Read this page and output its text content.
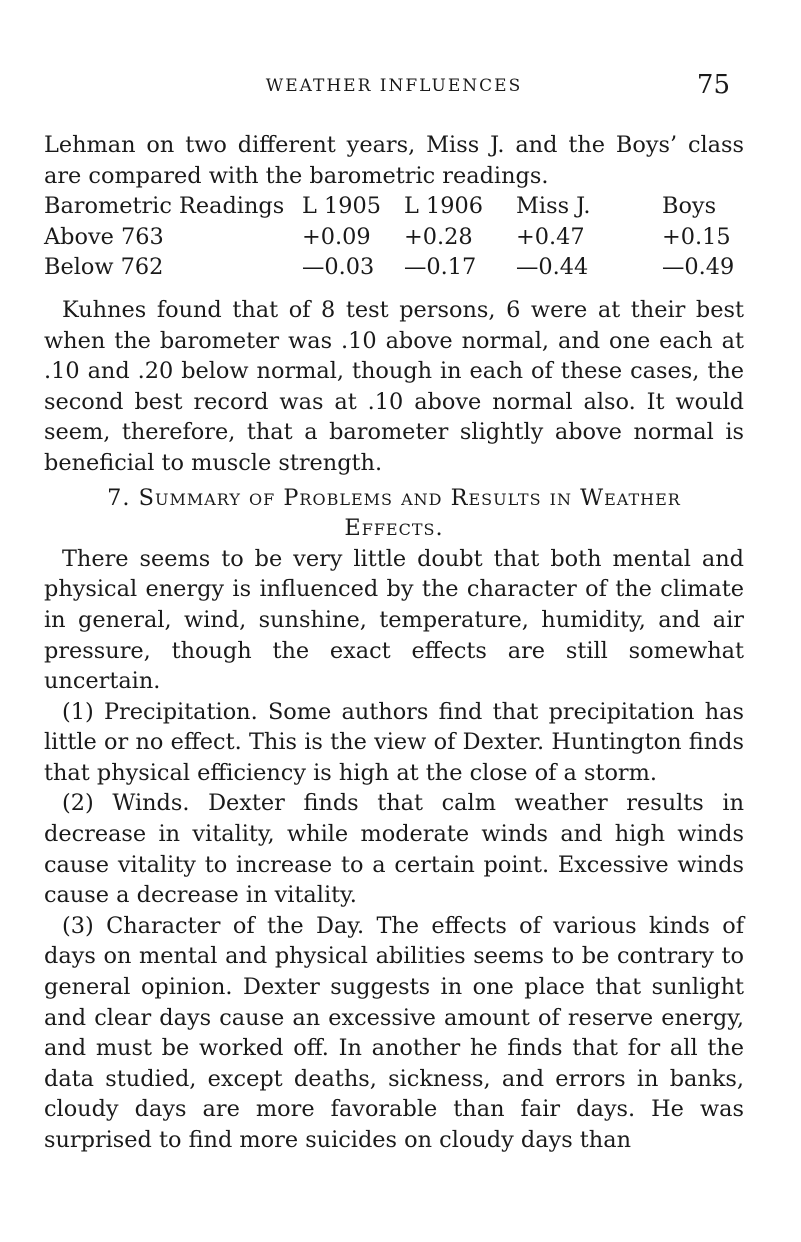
WEATHER INFLUENCES	75

Lehman on two different years, Miss J. and the Boys’ class are compared with the barometric readings.

Barometric Readings	L 1905	L 1906	Miss J.	Boys
Above 763	+0.09	+0.28	+0.47	+0.15
Below 762	—0.03	—0.17	—0.44	—0.49

Kuhnes found that of 8 test persons, 6 were at their best when the barometer was .10 above normal, and one each at .10 and .20 below normal, though in each of these cases, the second best record was at .10 above normal also. It would seem, therefore, that a barometer slightly above normal is beneficial to muscle strength.

7. Summary of Problems and Results in Weather
Effects.

There seems to be very little doubt that both mental and physical energy is influenced by the character of the climate in general, wind, sunshine, temperature, humidity, and air pressure, though the exact effects are still somewhat uncertain.

(1) Precipitation. Some authors find that precipitation has little or no effect. This is the view of Dexter. Huntington finds that physical efficiency is high at the close of a storm.

(2) Winds. Dexter finds that calm weather results in decrease in vitality, while moderate winds and high winds cause vitality to increase to a certain point. Excessive winds cause a decrease in vitality.

(3) Character of the Day. The effects of various kinds of days on mental and physical abilities seems to be contrary to general opinion. Dexter suggests in one place that sunlight and clear days cause an excessive amount of reserve energy, and must be worked off. In another he finds that for all the data studied, except deaths, sickness, and errors in banks, cloudy days are more favorable than fair days. He was surprised to find more suicides on cloudy days than
